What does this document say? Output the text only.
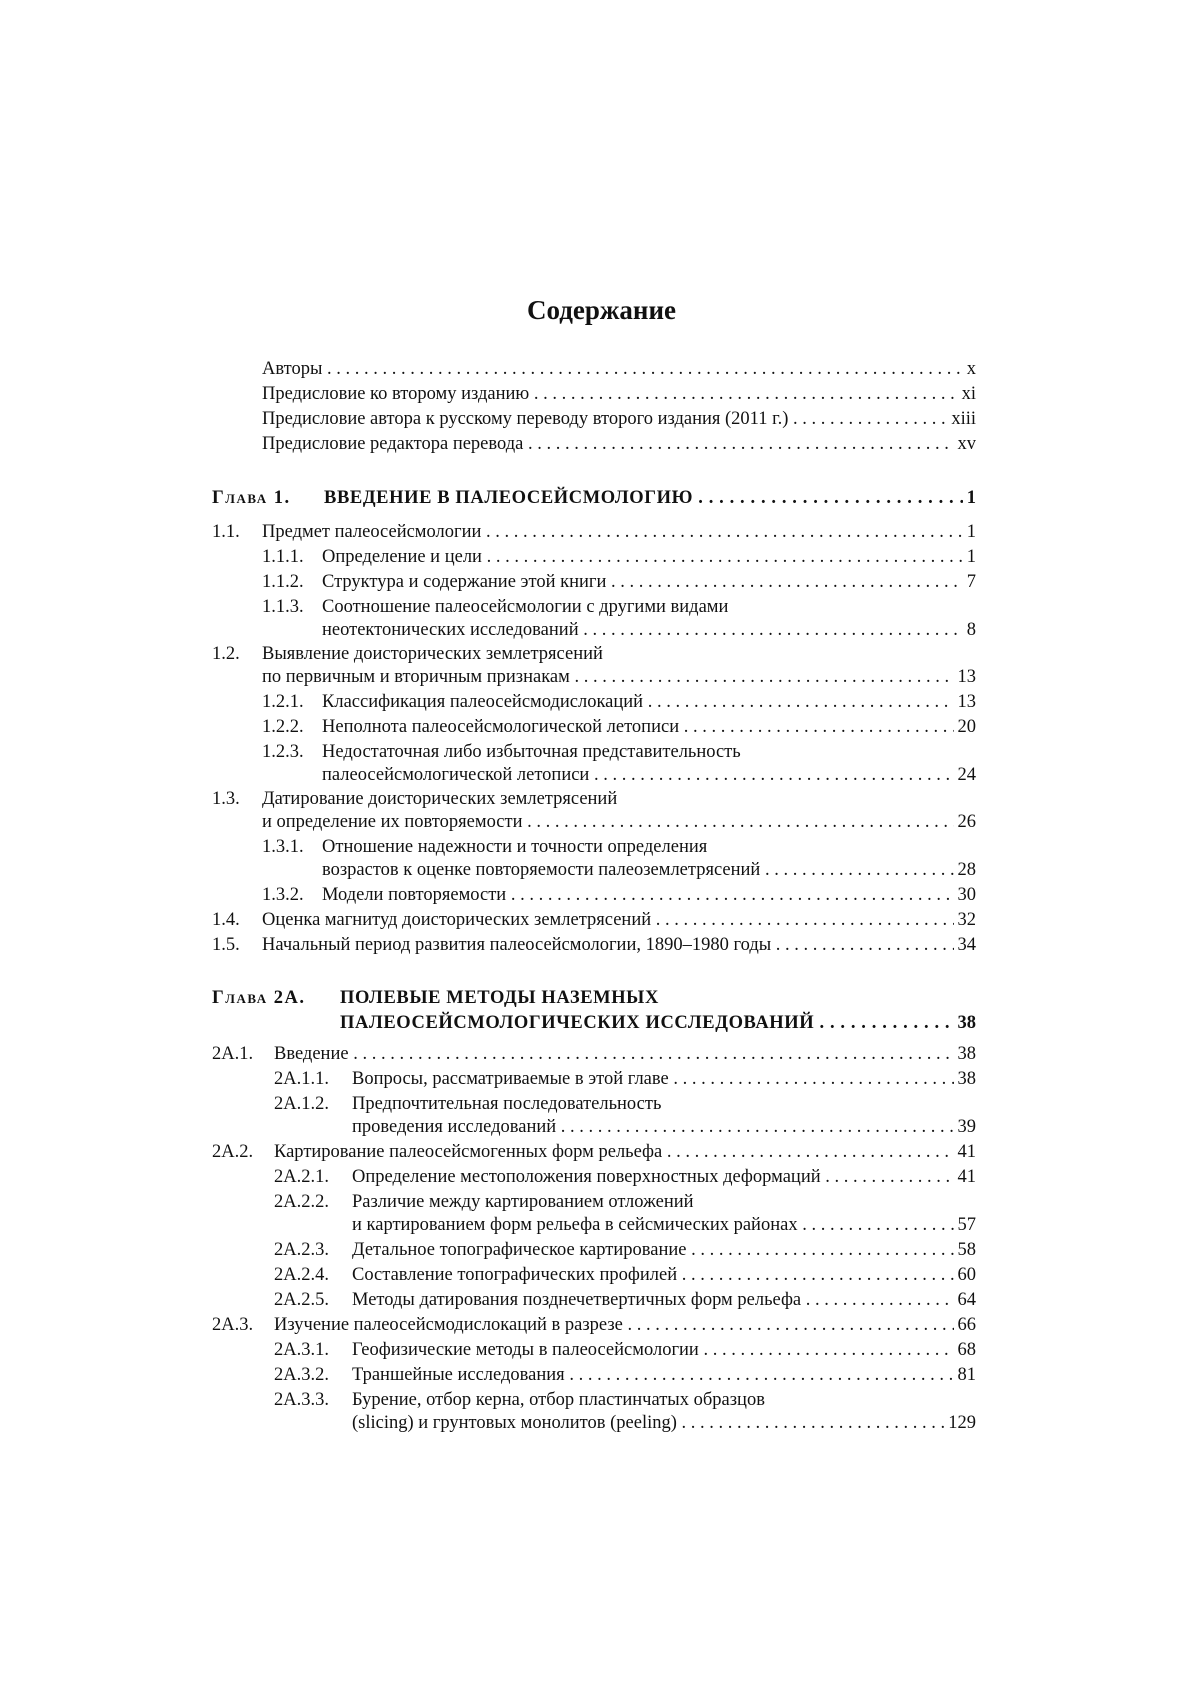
Содержание
Авторы . . .	x
Предисловие ко второму изданию . . .	xi
Предисловие автора к русскому переводу второго издания (2011 г.) . . .	xiii
Предисловие редактора перевода . . .	xv
Глава 1. ВВЕДЕНИЕ В ПАЛЕОСЕЙСМОЛОГИЮ . . .	1
1.1. Предмет палеосейсмологии . . .	1
1.1.1. Определение и цели . . .	1
1.1.2. Структура и содержание этой книги . . .	7
1.1.3. Соотношение палеосейсмологии с другими видами
неотектонических исследований . . .	8
1.2. Выявление доисторических землетрясений
по первичным и вторичным признакам . . .	13
1.2.1. Классификация палеосейсмодислокаций . . .	13
1.2.2. Неполнота палеосейсмологической летописи . . .	20
1.2.3. Недостаточная либо избыточная представительность
палеосейсмологической летописи . . .	24
1.3. Датирование доисторических землетрясений
и определение их повторяемости . . .	26
1.3.1. Отношение надежности и точности определения
возрастов к оценке повторяемости палеоземлетрясений . . .	28
1.3.2. Модели повторяемости . . .	30
1.4. Оценка магнитуд доисторических землетрясений . . .	32
1.5. Начальный период развития палеосейсмологии, 1890–1980 годы . . .	34
Глава 2А. ПОЛЕВЫЕ МЕТОДЫ НАЗЕМНЫХ
ПАЛЕОСЕЙСМОЛОГИЧЕСКИХ ИССЛЕДОВАНИЙ . . .	38
2А.1. Введение . . .	38
2А.1.1. Вопросы, рассматриваемые в этой главе . . .	38
2А.1.2. Предпочтительная последовательность
проведения исследований . . .	39
2А.2. Картирование палеосейсмогенных форм рельефа . . .	41
2А.2.1. Определение местоположения поверхностных деформаций . . .	41
2А.2.2. Различие между картированием отложений
и картированием форм рельефа в сейсмических районах . . .	57
2А.2.3. Детальное топографическое картирование . . .	58
2А.2.4. Составление топографических профилей . . .	60
2А.2.5. Методы датирования позднечетвертичных форм рельефа . . .	64
2А.3. Изучение палеосейсмодислокаций в разрезе . . .	66
2А.3.1. Геофизические методы в палеосейсмологии . . .	68
2А.3.2. Траншейные исследования . . .	81
2А.3.3. Бурение, отбор керна, отбор пластинчатых образцов
(slicing) и грунтовых монолитов (peeling) . . .	129
